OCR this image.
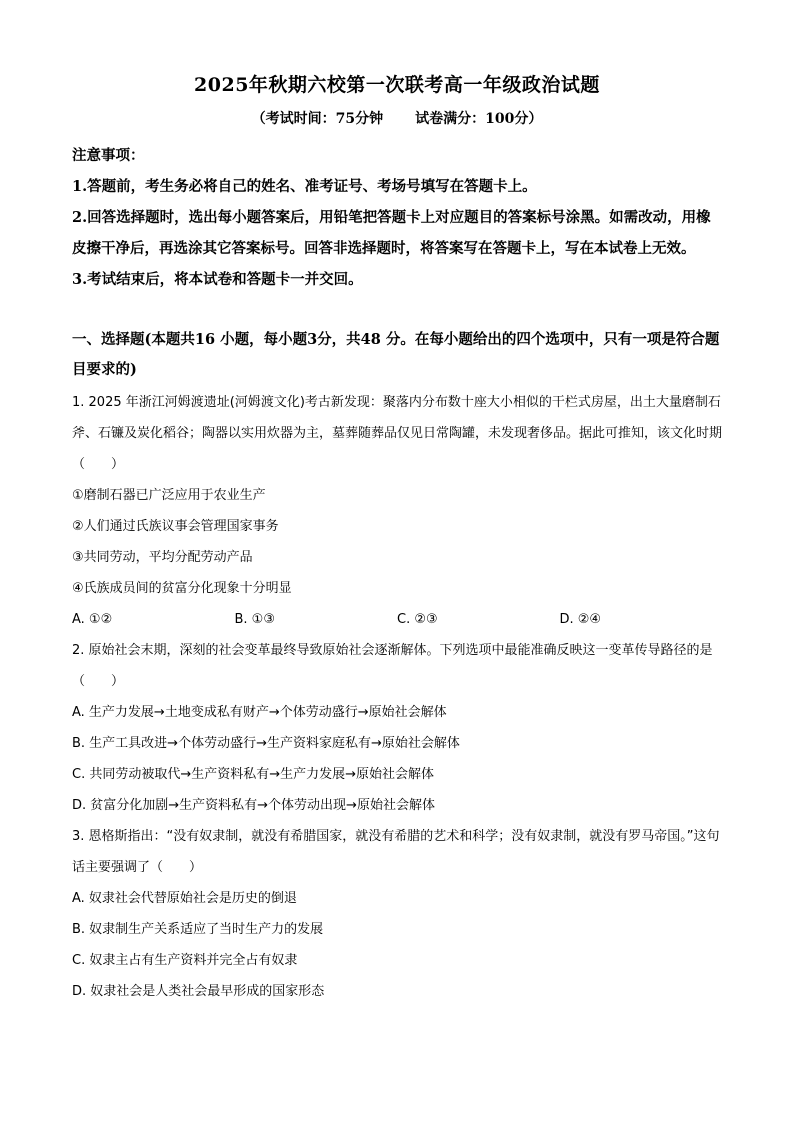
2025年秋期六校第一次联考高一年级政治试题
（考试时间：75分钟 试卷满分：100分）

注意事项：

1.答题前，考生务必将自己的姓名、准考证号、考场号填写在答题卡上。

2.回答选择题时，选出每小题答案后，用铅笔把答题卡上对应题目的答案标号涂黑。如需改动，用橡皮擦干净后，再选涂其它答案标号。回答非选择题时，将答案写在答题卡上，写在本试卷上无效。

3.考试结束后，将本试卷和答题卡一并交回。

一、选择题(本题共16 小题，每小题3分，共48 分。在每小题给出的四个选项中，只有一项是符合题目要求的)

1. 2025 年浙江河姆渡遗址(河姆渡文化)考古新发现：聚落内分布数十座大小相似的干栏式房屋，出土大量磨制石斧、石镰及炭化稻谷；陶器以实用炊器为主，墓葬随葬品仅见日常陶罐，未发现奢侈品。据此可推知，该文化时期（　　）

①磨制石器已广泛应用于农业生产

②人们通过氏族议事会管理国家事务

③共同劳动，平均分配劳动产品

④氏族成员间的贫富分化现象十分明显

A. ①②	B. ①③	C. ②③	D. ②④

2. 原始社会末期，深刻的社会变革最终导致原始社会逐渐解体。下列选项中最能准确反映这一变革传导路径的是（　　）

A. 生产力发展→土地变成私有财产→个体劳动盛行→原始社会解体

B. 生产工具改进→个体劳动盛行→生产资料家庭私有→原始社会解体

C. 共同劳动被取代→生产资料私有→生产力发展→原始社会解体

D. 贫富分化加剧→生产资料私有→个体劳动出现→原始社会解体

3. 恩格斯指出：“没有奴隶制，就没有希腊国家，就没有希腊的艺术和科学；没有奴隶制，就没有罗马帝国。”这句话主要强调了（　　）

A. 奴隶社会代替原始社会是历史的倒退

B. 奴隶制生产关系适应了当时生产力的发展

C. 奴隶主占有生产资料并完全占有奴隶

D. 奴隶社会是人类社会最早形成的国家形态
